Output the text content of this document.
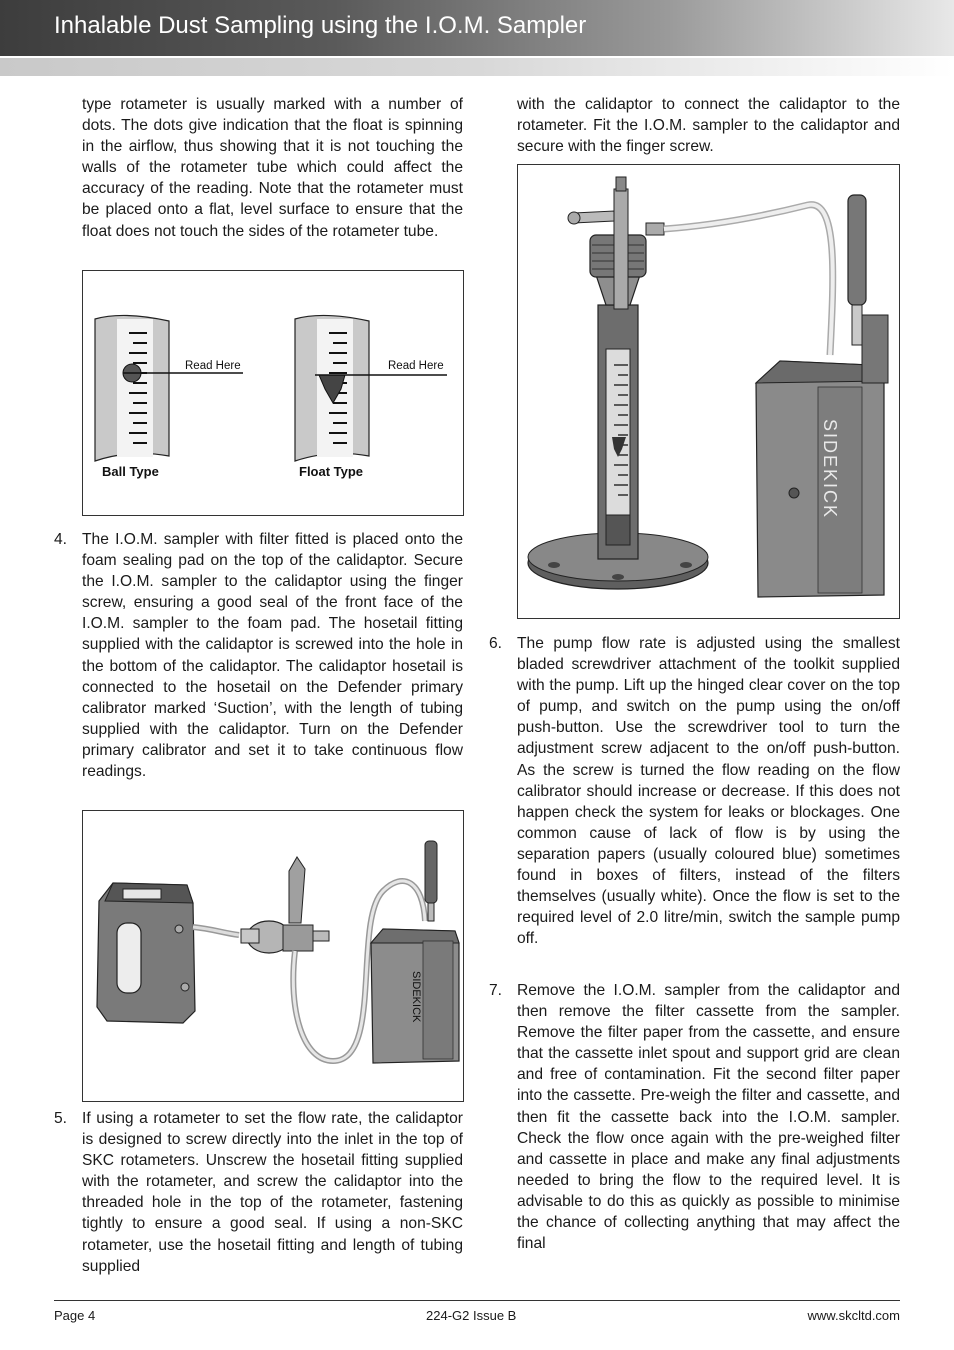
Inhalable Dust Sampling using the I.O.M. Sampler

type rotameter is usually marked with a number of dots. The dots give indication that the float is spinning in the airflow, thus showing that it is not touching the walls of the rotameter tube which could affect the accuracy of the reading. Note that the rotameter must be placed onto a flat, level surface to ensure that the float does not touch the sides of the rotameter tube.

Read Here	Read Here
Ball Type	Float Type
4. The I.O.M. sampler with filter fitted is placed onto the foam sealing pad on the top of the calidaptor. Secure the I.O.M. sampler to the calidaptor using the finger screw, ensuring a good seal of the front face of the I.O.M. sampler to the foam pad. The hosetail fitting supplied with the calidaptor is screwed into the hole in the bottom of the calidaptor. The calidaptor hosetail is connected to the hosetail on the Defender primary calibrator marked ‘Suction’, with the length of tubing supplied with the calidaptor. Turn on the Defender primary calibrator and set it to take continuous flow readings.

SIDEKICK
5. If using a rotameter to set the flow rate, the calidaptor is designed to screw directly into the inlet in the top of SKC rotameters. Unscrew the hosetail fitting supplied with the rotameter, and screw the calidaptor into the threaded hole in the top of the rotameter, fastening tightly to ensure a good seal. If using a non-SKC rotameter, use the hosetail fitting and length of tubing supplied

with the calidaptor to connect the calidaptor to the rotameter. Fit the I.O.M. sampler to the calidaptor and secure with the finger screw.

SIDEKICK
6. The pump flow rate is adjusted using the smallest bladed screwdriver attachment of the toolkit supplied with the pump. Lift up the hinged clear cover on the top of pump, and switch on the pump using the on/off push-button. Use the screwdriver tool to turn the adjustment screw adjacent to the on/off push-button. As the screw is turned the flow reading on the flow calibrator should increase or decrease. If this does not happen check the system for leaks or blockages. One common cause of lack of flow is by using the separation papers (usually coloured blue) sometimes found in boxes of filters, instead of the filters themselves (usually white). Once the flow is set to the required level of 2.0 litre/min, switch the sample pump off.

7. Remove the I.O.M. sampler from the calidaptor and then remove the filter cassette from the sampler. Remove the filter paper from the cassette, and ensure that the cassette inlet spout and support grid are clean and free of contamination. Fit the second filter paper into the cassette. Pre-weigh the filter and cassette, and then fit the cassette back into the I.O.M. sampler. Check the flow once again with the pre-weighed filter and cassette in place and make any final adjustments needed to bring the flow to the required level. It is advisable to do this as quickly as possible to minimise the chance of collecting anything that may affect the final

Page 4	224-G2 Issue B	www.skcltd.com
